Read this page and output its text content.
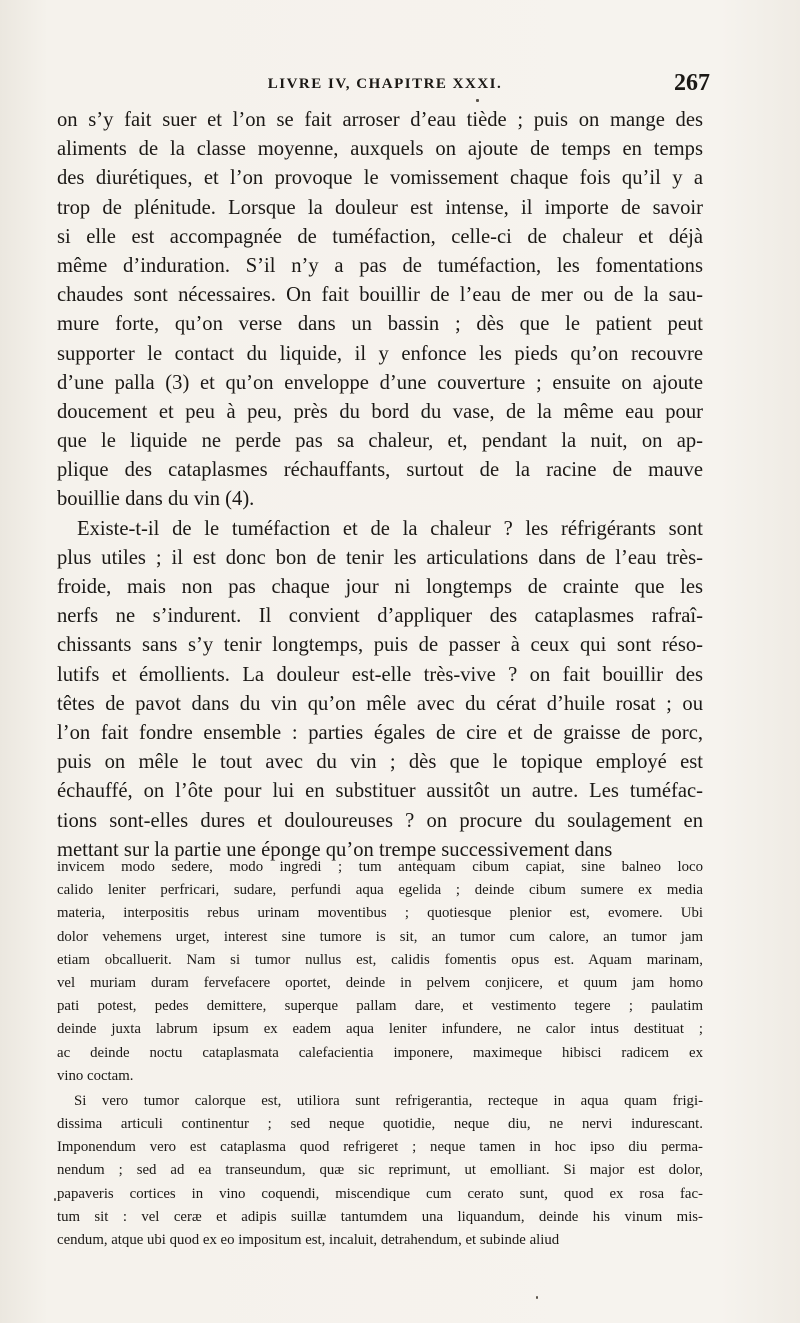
LIVRE IV, CHAPITRE XXXI.	267
on s’y fait suer et l’on se fait arroser d’eau tiède ; puis on mange des
aliments de la classe moyenne, auxquels on ajoute de temps en temps
des diurétiques, et l’on provoque le vomissement chaque fois qu’il y a
trop de plénitude. Lorsque la douleur est intense, il importe de savoir
si elle est accompagnée de tuméfaction, celle-ci de chaleur et déjà
même d’induration. S’il n’y a pas de tuméfaction, les fomentations
chaudes sont nécessaires. On fait bouillir de l’eau de mer ou de la sau-
mure forte, qu’on verse dans un bassin ; dès que le patient peut
supporter le contact du liquide, il y enfonce les pieds qu’on recouvre
d’une palla (3) et qu’on enveloppe d’une couverture ; ensuite on ajoute
doucement et peu à peu, près du bord du vase, de la même eau pour
que le liquide ne perde pas sa chaleur, et, pendant la nuit, on ap-
plique des cataplasmes réchauffants, surtout de la racine de mauve
bouillie dans du vin (4).
Existe-t-il de le tuméfaction et de la chaleur ? les réfrigérants sont
plus utiles ; il est donc bon de tenir les articulations dans de l’eau très-
froide, mais non pas chaque jour ni longtemps de crainte que les
nerfs ne s’indurent. Il convient d’appliquer des cataplasmes rafraî-
chissants sans s’y tenir longtemps, puis de passer à ceux qui sont réso-
lutifs et émollients. La douleur est-elle très-vive ? on fait bouillir des
têtes de pavot dans du vin qu’on mêle avec du cérat d’huile rosat ; ou
l’on fait fondre ensemble : parties égales de cire et de graisse de porc,
puis on mêle le tout avec du vin ; dès que le topique employé est
échauffé, on l’ôte pour lui en substituer aussitôt un autre. Les tuméfac-
tions sont-elles dures et douloureuses ? on procure du soulagement en
mettant sur la partie une éponge qu’on trempe successivement dans
invicem modo sedere, modo ingredi ; tum antequam cibum capiat, sine balneo loco
calido leniter perfricari, sudare, perfundi aqua egelida ; deinde cibum sumere ex media
materia, interpositis rebus urinam moventibus ; quotiesque plenior est, evomere. Ubi
dolor vehemens urget, interest sine tumore is sit, an tumor cum calore, an tumor jam
etiam obcalluerit. Nam si tumor nullus est, calidis fomentis opus est. Aquam marinam,
vel muriam duram fervefacere oportet, deinde in pelvem conjicere, et quum jam homo
pati potest, pedes demittere, superque pallam dare, et vestimento tegere ; paulatim
deinde juxta labrum ipsum ex eadem aqua leniter infundere, ne calor intus destituat ;
ac deinde noctu cataplasmata calefacientia imponere, maximeque hibisci radicem ex
vino coctam.
Si vero tumor calorque est, utiliora sunt refrigerantia, recteque in aqua quam frigi-
dissima articuli continentur ; sed neque quotidie, neque diu, ne nervi indurescant.
Imponendum vero est cataplasma quod refrigeret ; neque tamen in hoc ipso diu perma-
nendum ; sed ad ea transeundum, quæ sic reprimunt, ut emolliant. Si major est dolor,
papaveris cortices in vino coquendi, miscendique cum cerato sunt, quod ex rosa fac-
tum sit : vel ceræ et adipis suillæ tantumdem una liquandum, deinde his vinum mis-
cendum, atque ubi quod ex eo impositum est, incaluit, detrahendum, et subinde aliud
